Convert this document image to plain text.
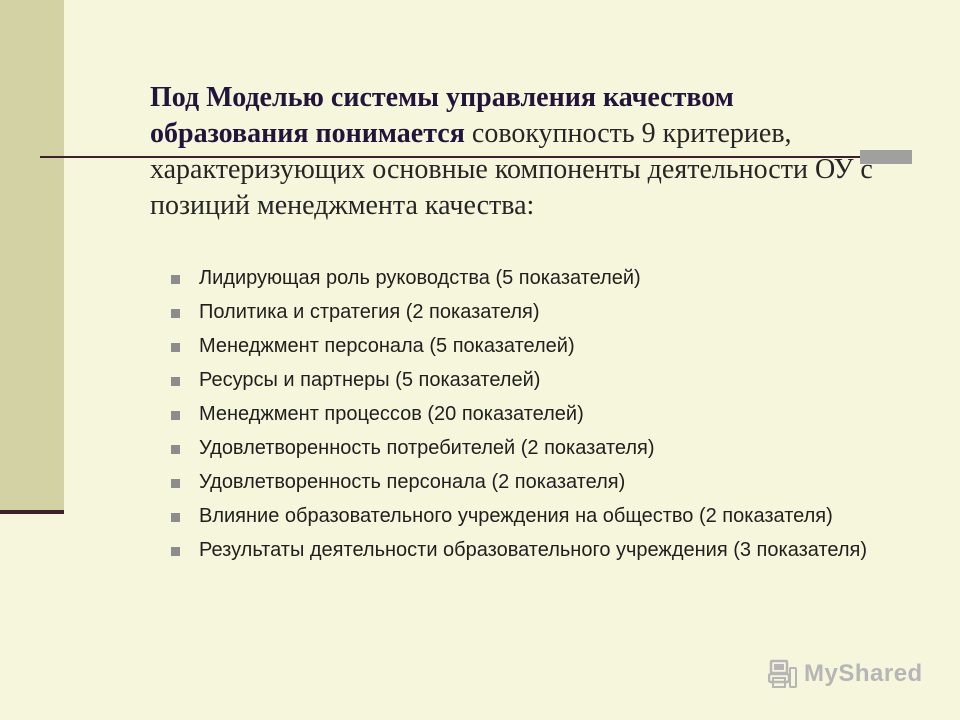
Под Моделью системы управления качеством
образования понимается совокупность 9 критериев, характеризующих основные компоненты деятельности ОУ с позиций менеджмента качества:
Лидирующая роль руководства (5 показателей)
Политика и стратегия (2 показателя)
Менеджмент персонала (5 показателей)
Ресурсы и партнеры (5 показателей)
Менеджмент процессов (20 показателей)
Удовлетворенность потребителей (2 показателя)
Удовлетворенность персонала (2 показателя)
Влияние образовательного учреждения на общество (2 показателя)
Результаты деятельности образовательного учреждения (3 показателя)
MyShared
